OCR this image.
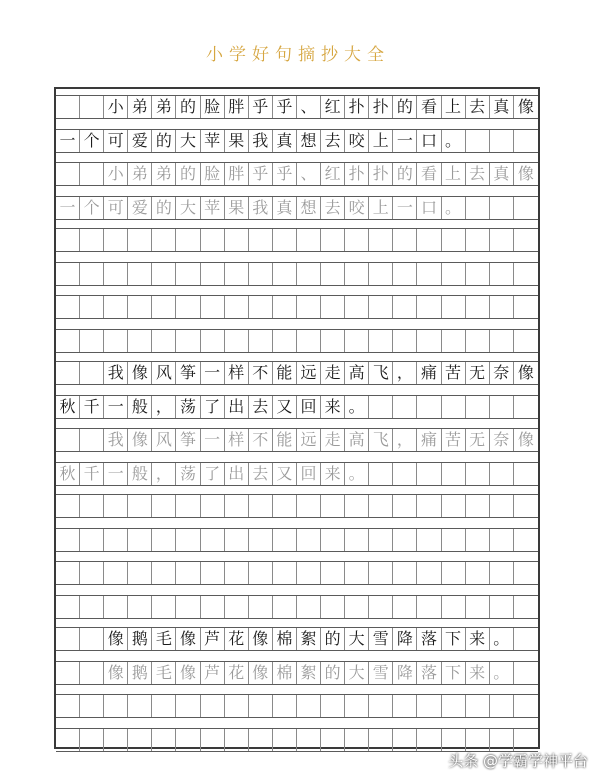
小学好句摘抄大全
小 弟 弟 的 脸 胖 乎 乎 、 红 扑 扑 的 看 上 去 真 像
一 个 可 爱 的 大 苹 果 我 真 想 去 咬 上 一 口 。
小 弟 弟 的 脸 胖 乎 乎 、 红 扑 扑 的 看 上 去 真 像
一 个 可 爱 的 大 苹 果 我 真 想 去 咬 上 一 口 。
我 像 风 筝 一 样 不 能 远 走 高 飞 ， 痛 苦 无 奈 像
秋 千 一 般 ， 荡 了 出 去 又 回 来 。
我 像 风 筝 一 样 不 能 远 走 高 飞 ， 痛 苦 无 奈 像
秋 千 一 般 ， 荡 了 出 去 又 回 来 。
像 鹅 毛 像 芦 花 像 棉 絮 的 大 雪 降 落 下 来 。
像 鹅 毛 像 芦 花 像 棉 絮 的 大 雪 降 落 下 来 。
头条 @学霸学神平台
